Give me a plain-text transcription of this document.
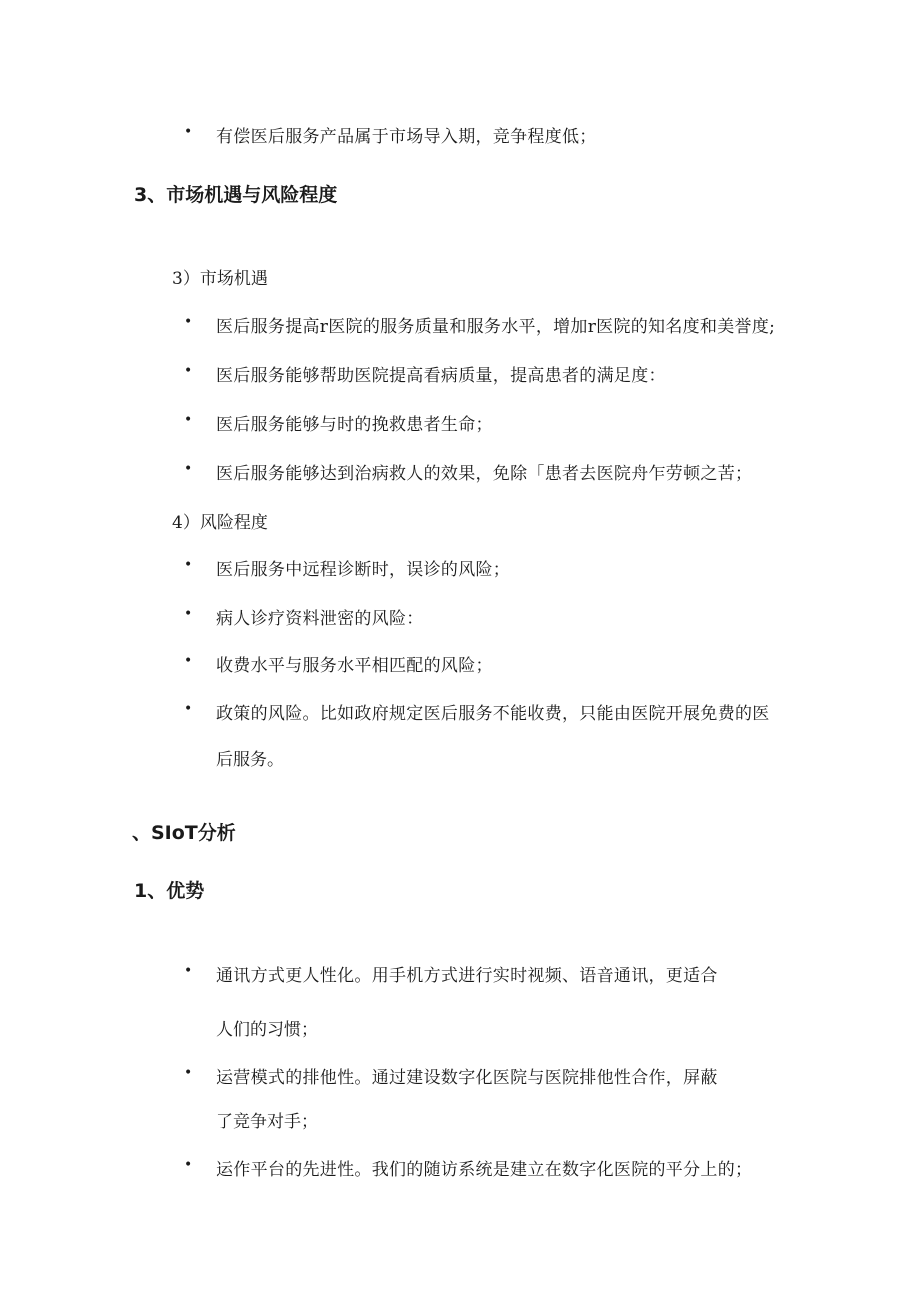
• 有偿医后服务产品属于市场导入期，竞争程度低；
3、市场机遇与风险程度
3）市场机遇
• 医后服务提高r医院的服务质量和服务水平，增加r医院的知名度和美誉度;
• 医后服务能够帮助医院提高看病质量，提高患者的满足度：
• 医后服务能够与时的挽救患者生命；
• 医后服务能够达到治病救人的效果，免除「患者去医院舟乍劳顿之苦；
4）风险程度
• 医后服务中远程诊断时，误诊的风险；
• 病人诊疗资料泄密的风险：
• 收费水平与服务水平相匹配的风险；
• 政策的风险。比如政府规定医后服务不能收费，只能由医院开展免费的医
后服务。
、SIoT分析
1、优势
• 通讯方式更人性化。用手机方式进行实时视频、语音通讯，更适合
人们的习惯；
• 运营模式的排他性。通过建设数字化医院与医院排他性合作，屏蔽
了竞争对手；
• 运作平台的先进性。我们的随访系统是建立在数字化医院的平分上的；
